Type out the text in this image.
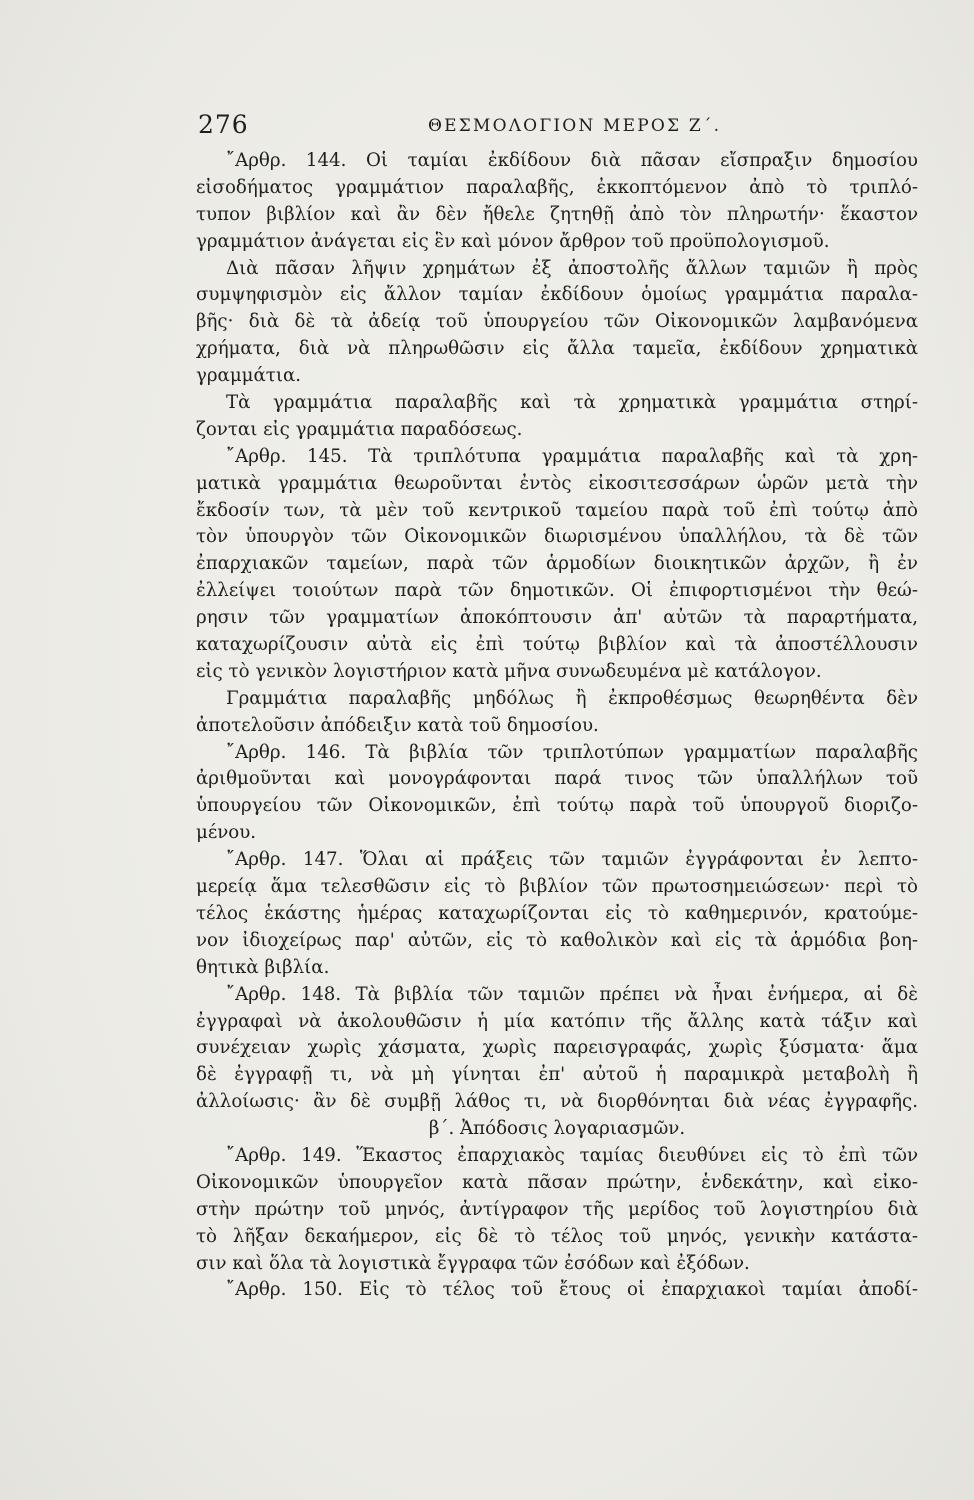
276	ΘΕΣΜΟΛΟΓΙΟΝ ΜΕΡΟΣ Ζ΄.
῎Αρθρ. 144. Οἱ ταμίαι ἐκδίδουν διὰ πᾶσαν εἴσπραξιν δημοσίου
εἰσοδήματος γραμμάτιον παραλαβῆς, ἐκκοπτόμενον ἀπὸ τὸ τριπλό-
τυπον βιβλίον καὶ ἂν δὲν ἤθελε ζητηθῇ ἀπὸ τὸν πληρωτήν· ἕκαστον
γραμμάτιον ἀνάγεται εἰς ἓν καὶ μόνον ἄρθρον τοῦ προϋπολογισμοῦ.
Διὰ πᾶσαν λῆψιν χρημάτων ἐξ ἀποστολῆς ἄλλων ταμιῶν ἢ πρὸς
συμψηφισμὸν εἰς ἄλλον ταμίαν ἐκδίδουν ὁμοίως γραμμάτια παραλα-
βῆς· διὰ δὲ τὰ ἀδείᾳ τοῦ ὑπουργείου τῶν Οἰκονομικῶν λαμβανόμενα
χρήματα, διὰ νὰ πληρωθῶσιν εἰς ἄλλα ταμεῖα, ἐκδίδουν χρηματικὰ
γραμμάτια.
Τὰ γραμμάτια παραλαβῆς καὶ τὰ χρηματικὰ γραμμάτια στηρί-
ζονται εἰς γραμμάτια παραδόσεως.
῎Αρθρ. 145. Τὰ τριπλότυπα γραμμάτια παραλαβῆς καὶ τὰ χρη-
ματικὰ γραμμάτια θεωροῦνται ἐντὸς εἰκοσιτεσσάρων ὡρῶν μετὰ τὴν
ἔκδοσίν των, τὰ μὲν τοῦ κεντρικοῦ ταμείου παρὰ τοῦ ἐπὶ τούτῳ ἀπὸ
τὸν ὑπουργὸν τῶν Οἰκονομικῶν διωρισμένου ὑπαλλήλου, τὰ δὲ τῶν
ἐπαρχιακῶν ταμείων, παρὰ τῶν ἁρμοδίων διοικητικῶν ἀρχῶν, ἢ ἐν
ἐλλείψει τοιούτων παρὰ τῶν δημοτικῶν. Οἱ ἐπιφορτισμένοι τὴν θεώ-
ρησιν τῶν γραμματίων ἀποκόπτουσιν ἀπ' αὐτῶν τὰ παραρτήματα,
καταχωρίζουσιν αὐτὰ εἰς ἐπὶ τούτῳ βιβλίον καὶ τὰ ἀποστέλλουσιν
εἰς τὸ γενικὸν λογιστήριον κατὰ μῆνα συνωδευμένα μὲ κατάλογον.
Γραμμάτια παραλαβῆς μηδόλως ἢ ἐκπροθέσμως θεωρηθέντα δὲν
ἀποτελοῦσιν ἀπόδειξιν κατὰ τοῦ δημοσίου.
῎Αρθρ. 146. Τὰ βιβλία τῶν τριπλοτύπων γραμματίων παραλαβῆς
ἀριθμοῦνται καὶ μονογράφονται παρά τινος τῶν ὑπαλλήλων τοῦ
ὑπουργείου τῶν Οἰκονομικῶν, ἐπὶ τούτῳ παρὰ τοῦ ὑπουργοῦ διοριζο-
μένου.
῎Αρθρ. 147. Ὅλαι αἱ πράξεις τῶν ταμιῶν ἐγγράφονται ἐν λεπτο-
μερείᾳ ἅμα τελεσθῶσιν εἰς τὸ βιβλίον τῶν πρωτοσημειώσεων· περὶ τὸ
τέλος ἑκάστης ἡμέρας καταχωρίζονται εἰς τὸ καθημερινόν, κρατούμε-
νον ἰδιοχείρως παρ' αὐτῶν, εἰς τὸ καθολικὸν καὶ εἰς τὰ ἁρμόδια βοη-
θητικὰ βιβλία.
῎Αρθρ. 148. Τὰ βιβλία τῶν ταμιῶν πρέπει νὰ ἦναι ἐνήμερα, αἱ δὲ
ἐγγραφαὶ νὰ ἀκολουθῶσιν ἡ μία κατόπιν τῆς ἄλλης κατὰ τάξιν καὶ
συνέχειαν χωρὶς χάσματα, χωρὶς παρεισγραφάς, χωρὶς ξύσματα· ἅμα
δὲ ἐγγραφῇ τι, νὰ μὴ γίνηται ἐπ' αὐτοῦ ἡ παραμικρὰ μεταβολὴ ἢ
ἀλλοίωσις· ἂν δὲ συμβῇ λάθος τι, νὰ διορθόνηται διὰ νέας ἐγγραφῆς.
β΄. Ἀπόδοσις λογαριασμῶν.
῎Αρθρ. 149. Ἕκαστος ἐπαρχιακὸς ταμίας διευθύνει εἰς τὸ ἐπὶ τῶν
Οἰκονομικῶν ὑπουργεῖον κατὰ πᾶσαν πρώτην, ἑνδεκάτην, καὶ εἰκο-
στὴν πρώτην τοῦ μηνός, ἀντίγραφον τῆς μερίδος τοῦ λογιστηρίου διὰ
τὸ λῆξαν δεκαήμερον, εἰς δὲ τὸ τέλος τοῦ μηνός, γενικὴν κατάστα-
σιν καὶ ὅλα τὰ λογιστικὰ ἔγγραφα τῶν ἐσόδων καὶ ἐξόδων.
῎Αρθρ. 150. Εἰς τὸ τέλος τοῦ ἔτους οἱ ἐπαρχιακοὶ ταμίαι ἀποδί-
